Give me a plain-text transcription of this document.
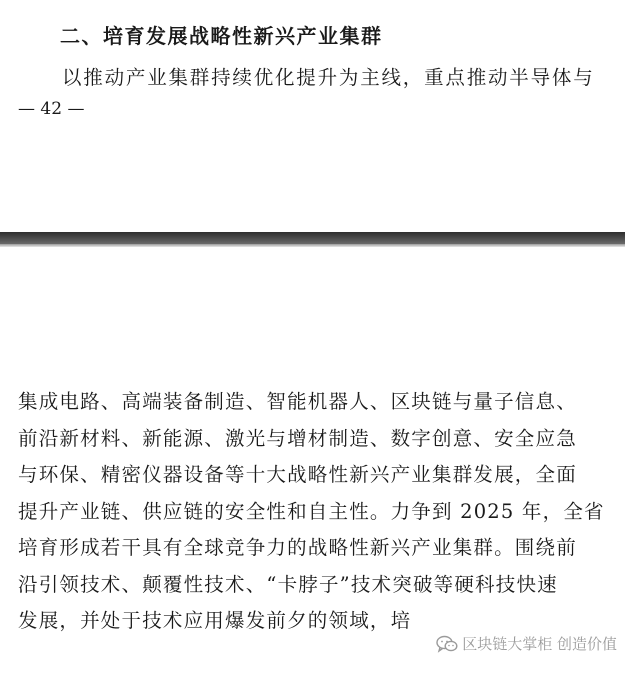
二、培育发展战略性新兴产业集群
以推动产业集群持续优化提升为主线，重点推动半导体与
— 42 —
集成电路、高端装备制造、智能机器人、区块链与量子信息、
前沿新材料、新能源、激光与增材制造、数字创意、安全应急
与环保、精密仪器设备等十大战略性新兴产业集群发展，全面
提升产业链、供应链的安全性和自主性。力争到 2025 年，全省
培育形成若干具有全球竞争力的战略性新兴产业集群。围绕前
沿引领技术、颠覆性技术、“卡脖子”技术突破等硬科技快速
发展，并处于技术应用爆发前夕的领域，培
区块链大掌柜 创造价值
